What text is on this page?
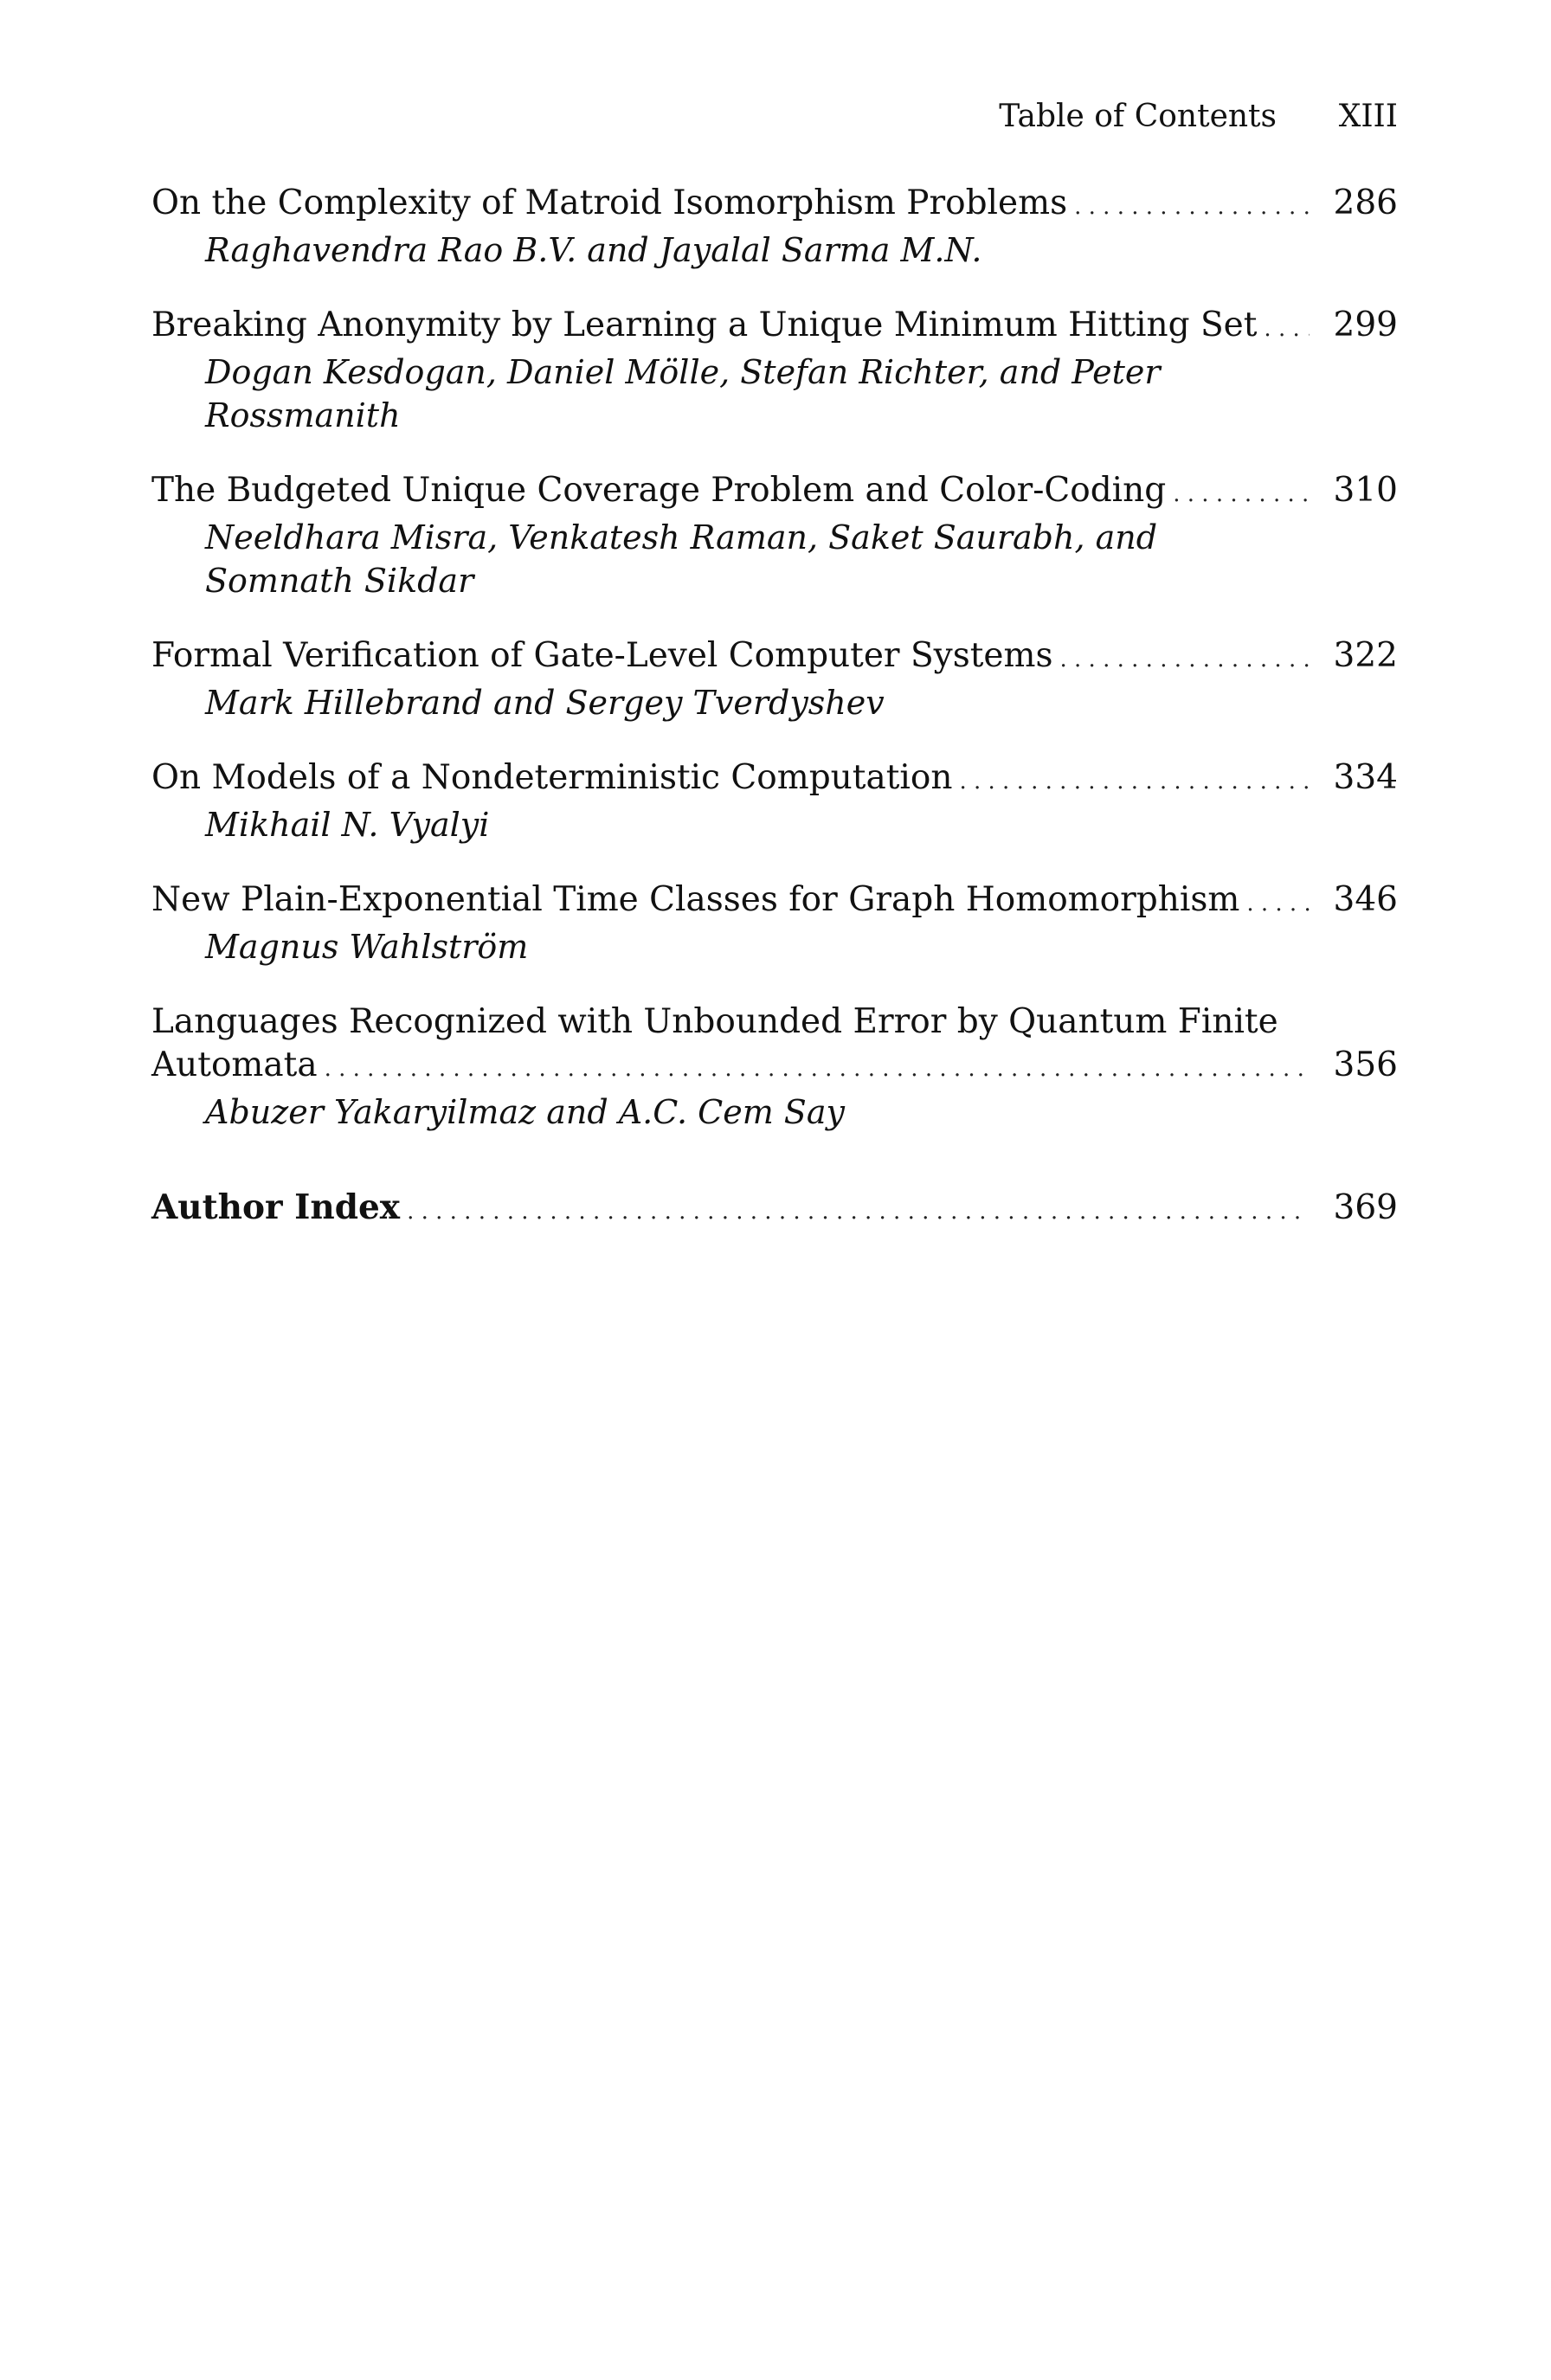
Table of Contents XIII
On the Complexity of Matroid Isomorphism Problems . . .	286
Raghavendra Rao B.V. and Jayalal Sarma M.N.
Breaking Anonymity by Learning a Unique Minimum Hitting Set . . .	299
Dogan Kesdogan, Daniel Mölle, Stefan Richter, and Peter Rossmanith
The Budgeted Unique Coverage Problem and Color-Coding . . .	310
Neeldhara Misra, Venkatesh Raman, Saket Saurabh, and Somnath Sikdar
Formal Verification of Gate-Level Computer Systems . . .	322
Mark Hillebrand and Sergey Tverdyshev
On Models of a Nondeterministic Computation . . .	334
Mikhail N. Vyalyi
New Plain-Exponential Time Classes for Graph Homomorphism . . .	346
Magnus Wahlström
Languages Recognized with Unbounded Error by Quantum Finite
Automata . . .	356
Abuzer Yakaryilmaz and A.C. Cem Say
Author Index . . .	369
